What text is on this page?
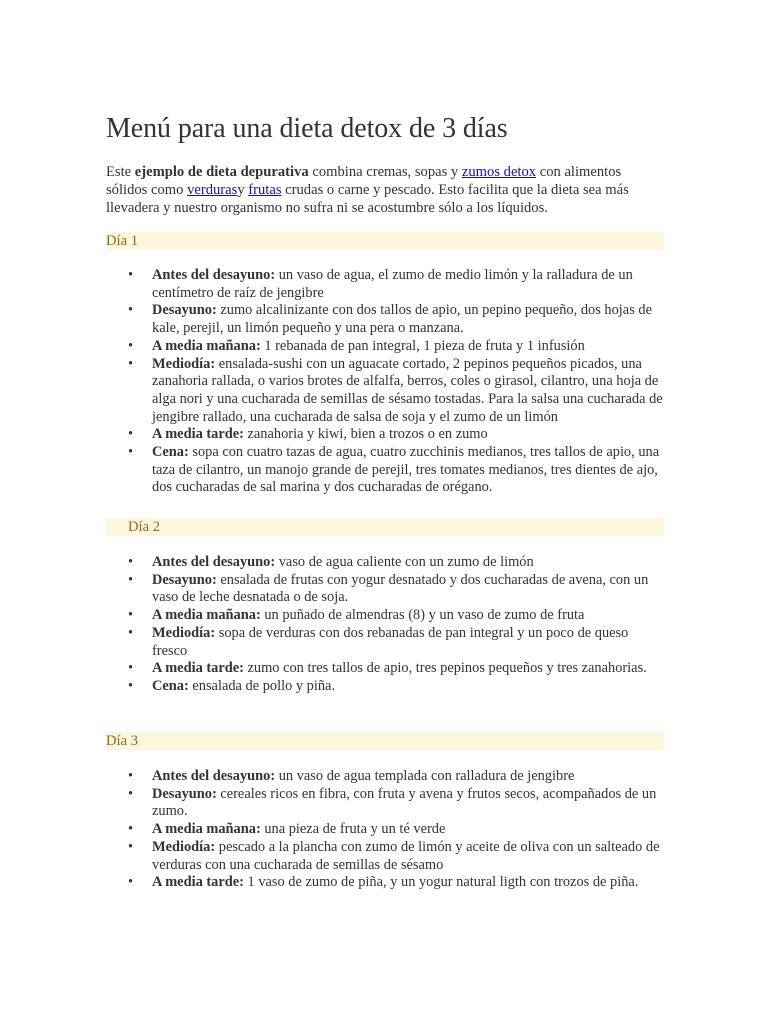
Menú para una dieta detox de 3 días

Este ejemplo de dieta depurativa combina cremas, sopas y zumos detox con alimentos sólidos como verdurasy frutas crudas o carne y pescado. Esto facilita que la dieta sea más llevadera y nuestro organismo no sufra ni se acostumbre sólo a los líquidos.

Día 1
• Antes del desayuno: un vaso de agua, el zumo de medio limón y la ralladura de un centímetro de raíz de jengibre
• Desayuno: zumo alcalinizante con dos tallos de apio, un pepino pequeño, dos hojas de kale, perejil, un limón pequeño y una pera o manzana.
• A media mañana: 1 rebanada de pan integral, 1 pieza de fruta y 1 infusión
• Mediodía: ensalada-sushi con un aguacate cortado, 2 pepinos pequeños picados, una zanahoria rallada, o varios brotes de alfalfa, berros, coles o girasol, cilantro, una hoja de alga nori y una cucharada de semillas de sésamo tostadas. Para la salsa una cucharada de jengibre rallado, una cucharada de salsa de soja y el zumo de un limón
• A media tarde: zanahoria y kiwi, bien a trozos o en zumo
• Cena: sopa con cuatro tazas de agua, cuatro zucchinis medianos, tres tallos de apio, una taza de cilantro, un manojo grande de perejil, tres tomates medianos, tres dientes de ajo, dos cucharadas de sal marina y dos cucharadas de orégano.
Día 2
• Antes del desayuno: vaso de agua caliente con un zumo de limón
• Desayuno: ensalada de frutas con yogur desnatado y dos cucharadas de avena, con un vaso de leche desnatada o de soja.
• A media mañana: un puñado de almendras (8) y un vaso de zumo de fruta
• Mediodía: sopa de verduras con dos rebanadas de pan integral y un poco de queso fresco
• A media tarde: zumo con tres tallos de apio, tres pepinos pequeños y tres zanahorias.
• Cena: ensalada de pollo y piña.
Día 3
• Antes del desayuno: un vaso de agua templada con ralladura de jengibre
• Desayuno: cereales ricos en fibra, con fruta y avena y frutos secos, acompañados de un zumo.
• A media mañana: una pieza de fruta y un té verde
• Mediodía: pescado a la plancha con zumo de limón y aceite de oliva con un salteado de verduras con una cucharada de semillas de sésamo
• A media tarde: 1 vaso de zumo de piña, y un yogur natural ligth con trozos de piña.
